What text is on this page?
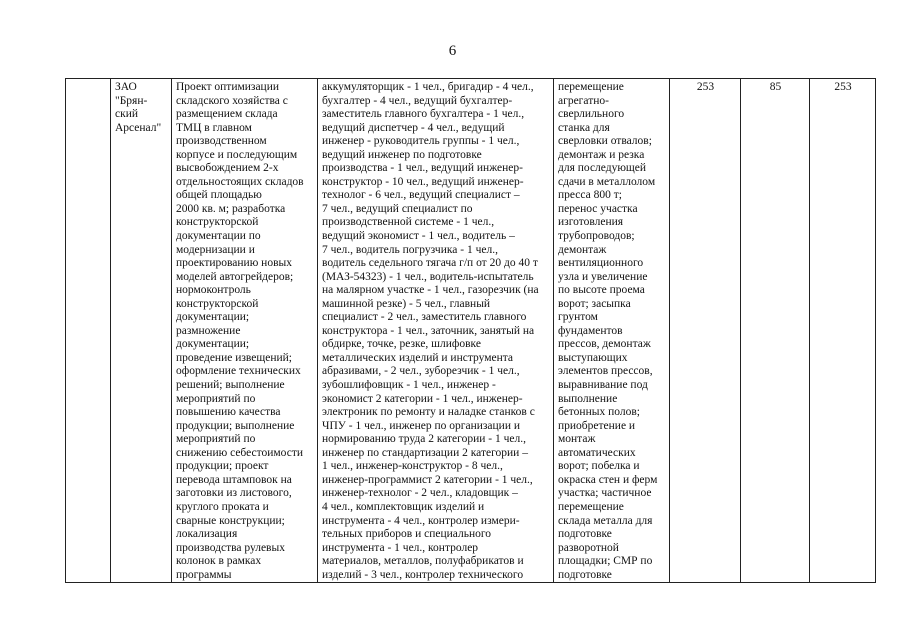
6

ЗАО
"Брян-
ский
Арсенал"

Проект оптимизации
складского хозяйства с
размещением склада
ТМЦ в главном
производственном
корпусе и последующим
высвобождением 2-х
отдельностоящих складов
общей площадью
2000 кв. м; разработка
конструкторской
документации по
модернизации и
проектированию новых
моделей автогрейдеров;
нормоконтроль
конструкторской
документации;
размножение
документации;
проведение извещений;
оформление технических
решений; выполнение
мероприятий по
повышению качества
продукции; выполнение
мероприятий по
снижению себестоимости
продукции; проект
перевода штамповок на
заготовки из листового,
круглого проката и
сварные конструкции;
локализация
производства рулевых
колонок в рамках
программы

аккумуляторщик - 1 чел., бригадир - 4 чел.,
бухгалтер - 4 чел., ведущий бухгалтер-
заместитель главного бухгалтера - 1 чел.,
ведущий диспетчер - 4 чел., ведущий
инженер - руководитель группы - 1 чел.,
ведущий инженер по подготовке
производства - 1 чел., ведущий инженер-
конструктор - 10 чел., ведущий инженер-
технолог - 6 чел., ведущий специалист –
7 чел., ведущий специалист по
производственной системе - 1 чел.,
ведущий экономист - 1 чел., водитель –
7 чел., водитель погрузчика - 1 чел.,
водитель седельного тягача г/п от 20 до 40 т
(МАЗ-54323) - 1 чел., водитель-испытатель
на малярном участке - 1 чел., газорезчик (на
машинной резке) - 5 чел., главный
специалист - 2 чел., заместитель главного
конструктора - 1 чел., заточник, занятый на
обдирке, точке, резке, шлифовке
металлических изделий и инструмента
абразивами, - 2 чел., зуборезчик - 1 чел.,
зубошлифовщик - 1 чел., инженер -
экономист 2 категории - 1 чел., инженер-
электроник по ремонту и наладке станков с
ЧПУ - 1 чел., инженер по организации и
нормированию труда 2 категории - 1 чел.,
инженер по стандартизации 2 категории –
1 чел., инженер-конструктор - 8 чел.,
инженер-программист 2 категории - 1 чел.,
инженер-технолог - 2 чел., кладовщик –
4 чел., комплектовщик изделий и
инструмента - 4 чел., контролер измери-
тельных приборов и специального
инструмента - 1 чел., контролер
материалов, металлов, полуфабрикатов и
изделий - 3 чел., контролер технического

перемещение
агрегатно-
сверлильного
станка для
сверловки отвалов;
демонтаж и резка
для последующей
сдачи в металлолом
пресса 800 т;
перенос участка
изготовления
трубопроводов;
демонтаж
вентиляционного
узла и увеличение
по высоте проема
ворот; засыпка
грунтом
фундаментов
прессов, демонтаж
выступающих
элементов прессов,
выравнивание под
выполнение
бетонных полов;
приобретение и
монтаж
автоматических
ворот; побелка и
окраска стен и ферм
участка; частичное
перемещение
склада металла для
подготовке
разворотной
площадки; СМР по
подготовке
	253	85	253
